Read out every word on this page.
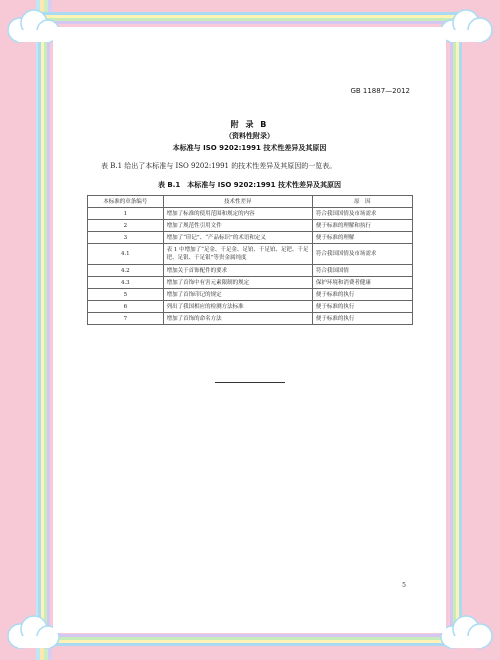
GB 11887—2012
附 录 B
（资料性附录）
本标准与 ISO 9202:1991 技术性差异及其原因
表 B.1 给出了本标准与 ISO 9202:1991 的技术性差异及其原因的一览表。
表 B.1　本标准与 ISO 9202:1991 技术性差异及其原因
本标准的章条编号	技术性差异	原　因
1	增加了标准的使用范围和规定的内容	符合我国国情及市场需求
2	增加了规范性引用文件	便于标准的理解和执行
3	增加了“印记”、“产品标识”的术语和定义	便于标准的理解
4.1	表 1 中增加了“足金、千足金、足铂、千足铂、足钯、千足钯、足银、千足银”等贵金属纯度	符合我国国情及市场需求
4.2	增加关于首饰配件的要求	符合我国国情
4.3	增加了首饰中有害元素限制的规定	保护环境和消费者健康
5	增加了首饰印记的规定	便于标准的执行
6	列出了我国相应的检测方法标准	便于标准的执行
7	增加了首饰的命名方法	便于标准的执行
5
